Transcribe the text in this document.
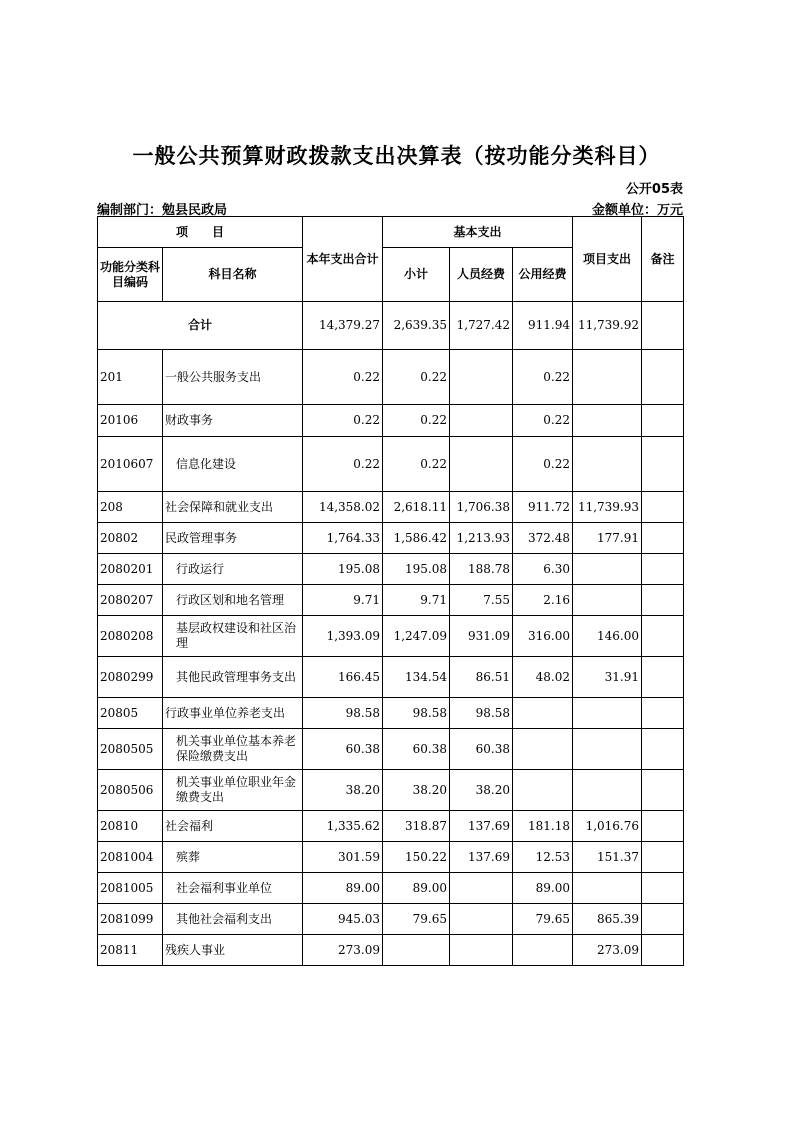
一般公共预算财政拨款支出决算表（按功能分类科目）
公开05表
编制部门：勉县民政局	金额单位：万元
项　　目		本年支出合计	基本支出			项目支出	备注
功能分类科目编码	科目名称		小计	人员经费	公用经费		
合计		14,379.27	2,639.35	1,727.42	911.94	11,739.92	
201	一般公共服务支出	0.22	0.22		0.22		
20106	财政事务	0.22	0.22		0.22		
2010607	信息化建设	0.22	0.22		0.22		
208	社会保障和就业支出	14,358.02	2,618.11	1,706.38	911.72	11,739.93	
20802	民政管理事务	1,764.33	1,586.42	1,213.93	372.48	177.91	
2080201	行政运行	195.08	195.08	188.78	6.30		
2080207	行政区划和地名管理	9.71	9.71	7.55	2.16		
2080208	基层政权建设和社区治理	1,393.09	1,247.09	931.09	316.00	146.00	
2080299	其他民政管理事务支出	166.45	134.54	86.51	48.02	31.91	
20805	行政事业单位养老支出	98.58	98.58	98.58			
2080505	机关事业单位基本养老保险缴费支出	60.38	60.38	60.38			
2080506	机关事业单位职业年金缴费支出	38.20	38.20	38.20			
20810	社会福利	1,335.62	318.87	137.69	181.18	1,016.76	
2081004	殡葬	301.59	150.22	137.69	12.53	151.37	
2081005	社会福利事业单位	89.00	89.00		89.00		
2081099	其他社会福利支出	945.03	79.65		79.65	865.39	
20811	残疾人事业	273.09				273.09	
